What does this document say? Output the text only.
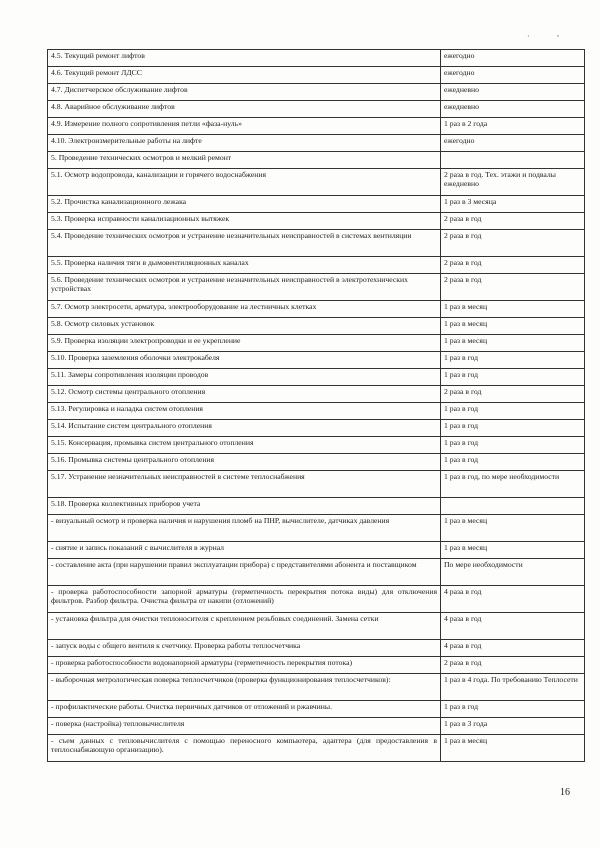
·	,
4.5. Текущий ремонт лифтов	ежегодно
4.6. Текущий ремонт ЛДСС	ежегодно
4.7. Диспетчерское обслуживание лифтов	ежедневно
4.8. Аварийное обслуживание лифтов	ежедневно
4.9. Измерение полного сопротивления петли «фаза-нуль»	1 раз в 2 года
4.10. Электроизмерительные работы на лифте	ежегодно
5. Проведение технических осмотров и мелкий ремонт	
5.1. Осмотр водопровода, канализации и горячего водоснабжения	2 раза в год. Тех. этажи и подвалы ежедневно
5.2. Прочистка канализационного лежака	1 раз в 3 месяца
5.3. Проверка исправности канализационных вытяжек	2 раза в год
5.4. Проведение технических осмотров и устранение незначительных неисправностей в системах вентиляции	2 раза в год
5.5. Проверка наличия тяги в дымовентиляционных каналах	2 раза в год
5.6. Проведение технических осмотров и устранение незначительных неисправностей в электротехнических устройствах	2 раза в год
5.7. Осмотр электросети, арматура, электрооборудование на лестничных клетках	1 раз в месяц
5.8. Осмотр силовых установок	1 раз в месяц
5.9. Проверка изоляции электропроводки и ее укрепление	1 раз в месяц
5.10. Проверка заземления оболочки электрокабеля	1 раз в год
5.11. Замеры сопротивления изоляции проводов	1 раз в год
5.12. Осмотр системы центрального отопления	2 раза в год
5.13. Регулировка и наладка систем отопления	1 раз в год
5.14. Испытание систем центрального отопления	1 раз в год
5.15. Консервация, промывка систем центрального отопления	1 раз в год
5.16. Промывка системы центрального отопления	1 раз в год
5.17. Устранение незначительных неисправностей в системе теплоснабжения	1 раз в год, по мере необходимости
5.18. Проверка коллективных приборов учета	
- визуальный осмотр и проверка наличия и нарушения пломб на ПНР, вычислителе, датчиках давления	1 раз в месяц
- снятие и запись показаний с вычислителя в журнал	1 раз в месяц
- составление акта (при нарушении правил эксплуатации прибора) с представителями абонента и поставщиком	По мере необходимости
- проверка работоспособности запорной арматуры (герметичность перекрытия потока виды) для отключения фильтров. Разбор фильтра. Очистка фильтра от накипи (отложений)	4 раза в год
- установка фильтра для очистки теплоносителя с креплением резьбовых соединений. Замена сетки	4 раза в год
- запуск воды с общего вентиля к счетчику. Проверка работы теплосчетчика	4 раза в год
- проверка работоспособности водонапорной арматуры (герметичность перекрытия потока)	2 раза в год
- выборочная метрологическая поверка теплосчетчиков (проверка функционирования теплосчетчиков):	1 раз в 4 года. По требованию Теплосети
- профилактические работы. Очистка первичных датчиков от отложений и ржавчины.	1 раз в год
- поверка (настройка) тепловычислителя	1 раз в 3 года
- съем данных с тепловычислителя с помощью переносного компьютера, адаптера (для предоставления в теплоснабжающую организацию).	1 раз в месяц
16
